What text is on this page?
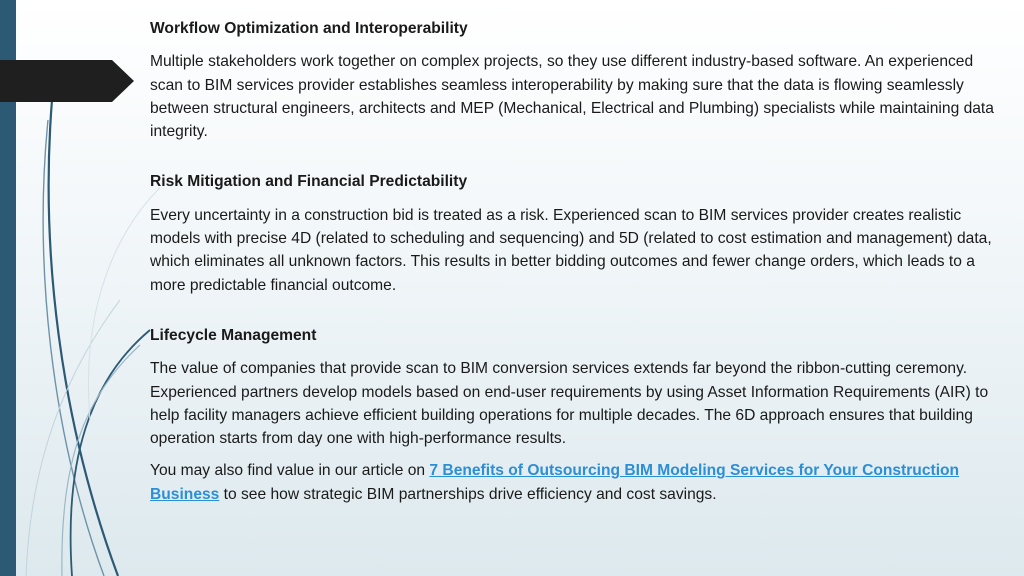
Workflow Optimization and Interoperability

Multiple stakeholders work together on complex projects, so they use different industry-based software. An experienced scan to BIM services provider establishes seamless interoperability by making sure that the data is flowing seamlessly between structural engineers, architects and MEP (Mechanical, Electrical and Plumbing) specialists while maintaining data integrity.

Risk Mitigation and Financial Predictability

Every uncertainty in a construction bid is treated as a risk. Experienced scan to BIM services provider creates realistic models with precise 4D (related to scheduling and sequencing) and 5D (related to cost estimation and management) data, which eliminates all unknown factors. This results in better bidding outcomes and fewer change orders, which leads to a more predictable financial outcome.

Lifecycle Management

The value of companies that provide scan to BIM conversion services extends far beyond the ribbon-cutting ceremony. Experienced partners develop models based on end-user requirements by using Asset Information Requirements (AIR) to help facility managers achieve efficient building operations for multiple decades. The 6D approach ensures that building operation starts from day one with high-performance results.

You may also find value in our article on 7 Benefits of Outsourcing BIM Modeling Services for Your Construction Business to see how strategic BIM partnerships drive efficiency and cost savings.
